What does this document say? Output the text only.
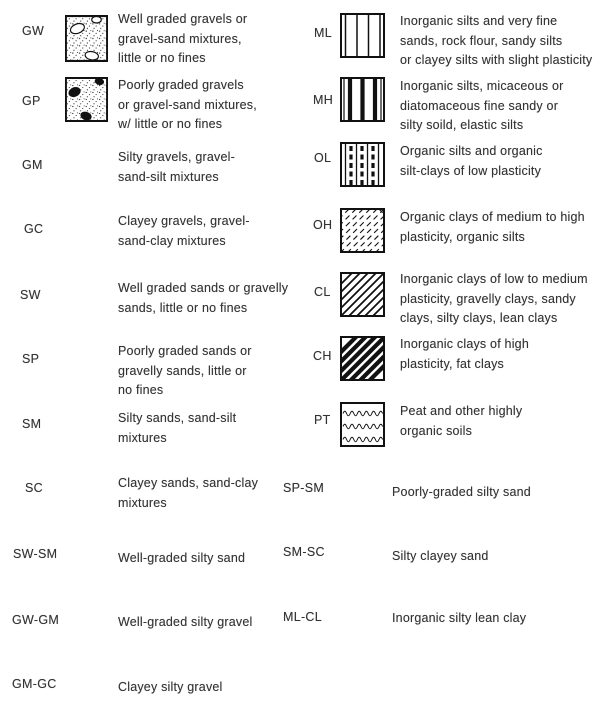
GW
Well graded gravels or
gravel-sand mixtures,
little or no fines
GP
Poorly graded gravels
or gravel-sand mixtures,
w/ little or no fines
GM
Silty gravels, gravel-
sand-silt mixtures
GC
Clayey gravels, gravel-
sand-clay mixtures
SW	Well graded sands or gravelly
sands, little or no fines
SP
Poorly graded sands or
gravelly sands, little or
no fines
SM	Silty sands, sand-silt
mixtures
SC	Clayey sands, sand-clay
mixtures
SW-SM	Well-graded silty sand
GW-GM	Well-graded silty gravel
GM-GC	Clayey silty gravel
ML
Inorganic silts and very fine
sands, rock flour, sandy silts
or clayey silts with slight plasticity
MH
Inorganic silts, micaceous or
diatomaceous fine sandy or
silty soild, elastic silts
OL	Organic silts and organic
silt-clays of low plasticity
OH
Organic clays of medium to high
plasticity, organic silts
CL
Inorganic clays of low to medium
plasticity, gravelly clays, sandy
clays, silty clays, lean clays
CH
Inorganic clays of high
plasticity, fat clays
PT
Peat and other highly
organic soils
SP-SM	Poorly-graded silty sand
SM-SC	Silty clayey sand
ML-CL	Inorganic silty lean clay
